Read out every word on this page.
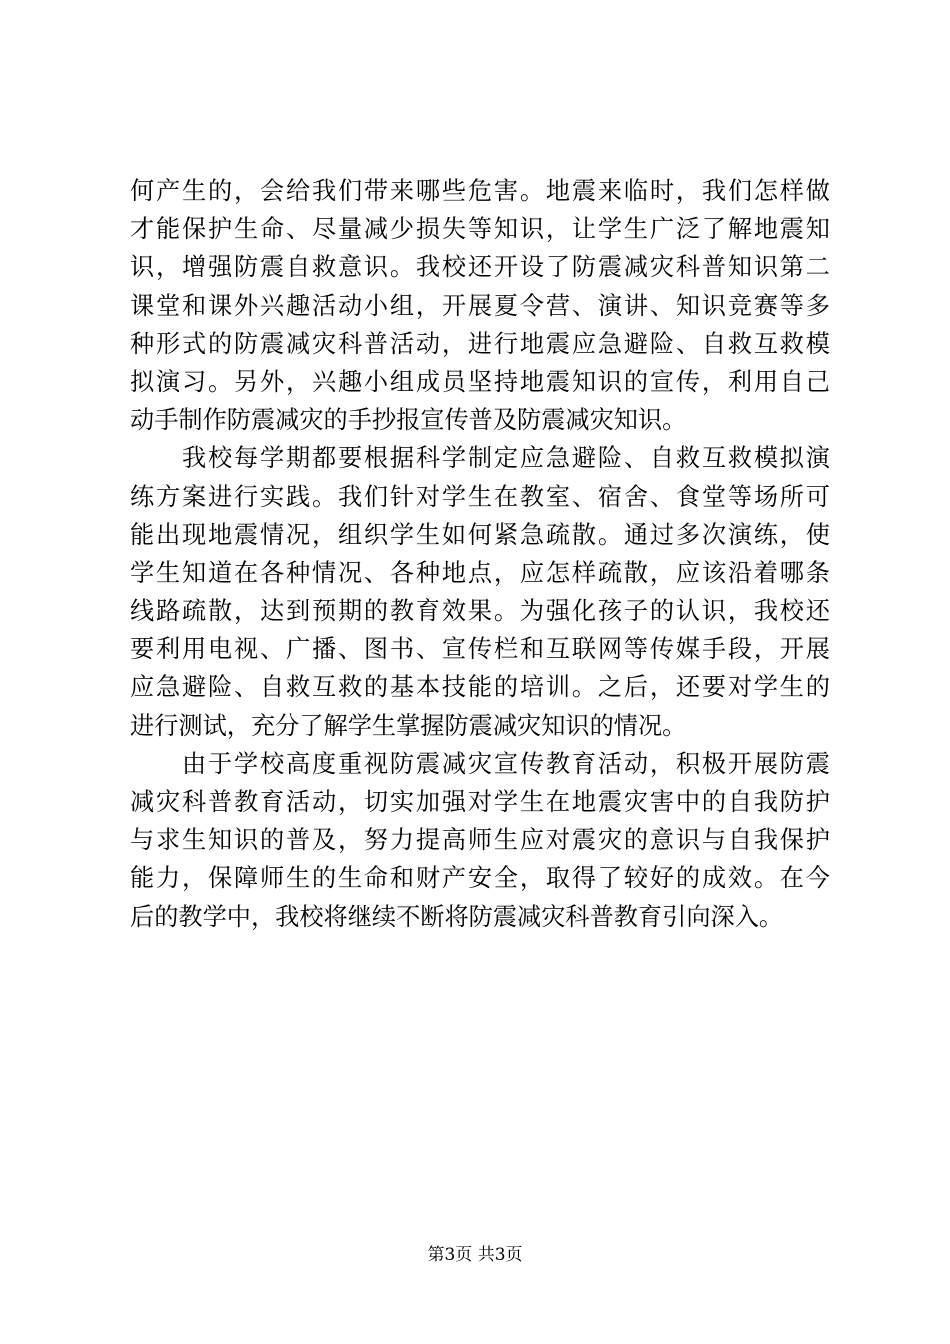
何产生的，会给我们带来哪些危害。地震来临时，我们怎样做
才能保护生命、尽量减少损失等知识，让学生广泛了解地震知
识，增强防震自救意识。我校还开设了防震减灾科普知识第二
课堂和课外兴趣活动小组，开展夏令营、演讲、知识竞赛等多
种形式的防震减灾科普活动，进行地震应急避险、自救互救模
拟演习。另外，兴趣小组成员坚持地震知识的宣传，利用自己
动手制作防震减灾的手抄报宣传普及防震减灾知识。
　　我校每学期都要根据科学制定应急避险、自救互救模拟演
练方案进行实践。我们针对学生在教室、宿舍、食堂等场所可
能出现地震情况，组织学生如何紧急疏散。通过多次演练，使
学生知道在各种情况、各种地点，应怎样疏散，应该沿着哪条
线路疏散，达到预期的教育效果。为强化孩子的认识，我校还
要利用电视、广播、图书、宣传栏和互联网等传媒手段，开展
应急避险、自救互救的基本技能的培训。之后，还要对学生的
进行测试，充分了解学生掌握防震减灾知识的情况。
　　由于学校高度重视防震减灾宣传教育活动，积极开展防震
减灾科普教育活动，切实加强对学生在地震灾害中的自我防护
与求生知识的普及，努力提高师生应对震灾的意识与自我保护
能力，保障师生的生命和财产安全，取得了较好的成效。在今
后的教学中，我校将继续不断将防震减灾科普教育引向深入。
第3页 共3页
